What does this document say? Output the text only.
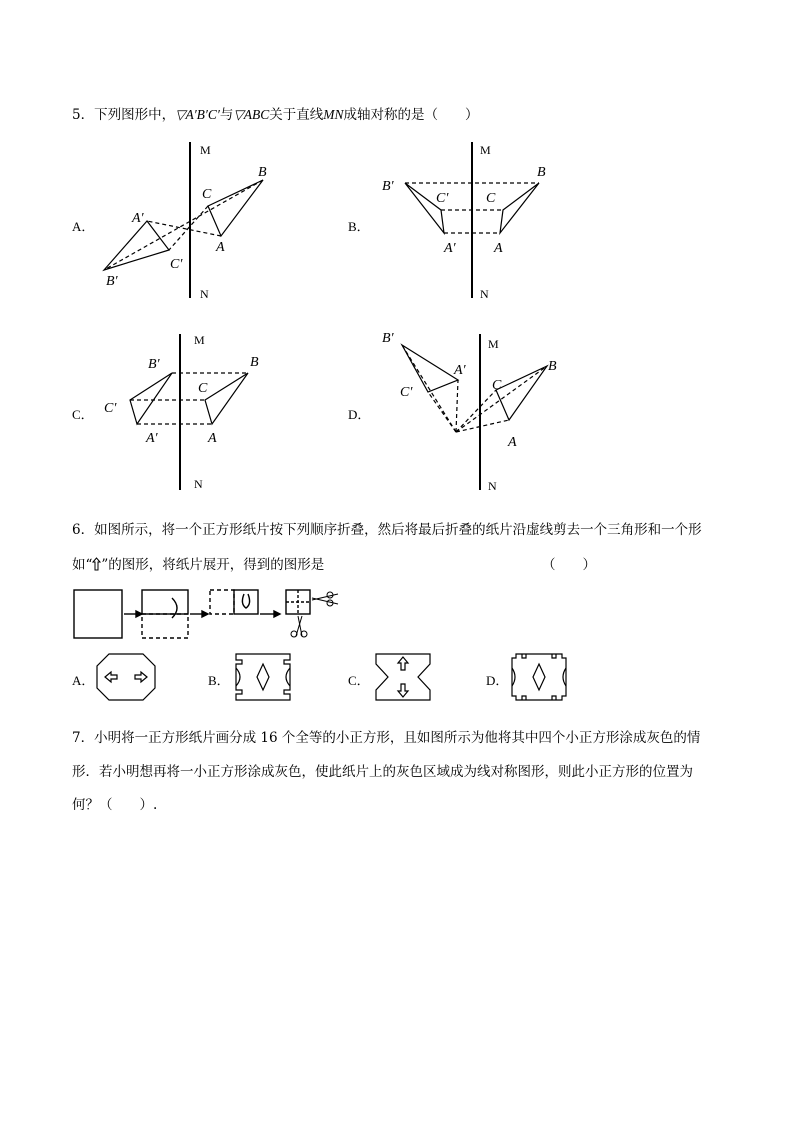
5．下列图形中，▽A′B′C′与▽ABC关于直线MN成轴对称的是（　　）
A．	B．
C．	D．
M
N
B
C
A
A′
C′
B′
M
N
B
C
A
B′
C′
A′
M
N
B
C
A
B′
C′
A′
M
N
B
C
A
B′
A′
C′
6．如图所示，将一个正方形纸片按下列顺序折叠，然后将最后折叠的纸片沿虚线剪去一个三角形和一个形
如“ ”的图形，将纸片展开，得到的图形是	（　　）
A．	B．	C．	D．
7．小明将一正方形纸片画分成 16 个全等的小正方形，且如图所示为他将其中四个小正方形涂成灰色的情
形．若小明想再将一小正方形涂成灰色，使此纸片上的灰色区域成为线对称图形，则此小正方形的位置为
何？（　　）.
